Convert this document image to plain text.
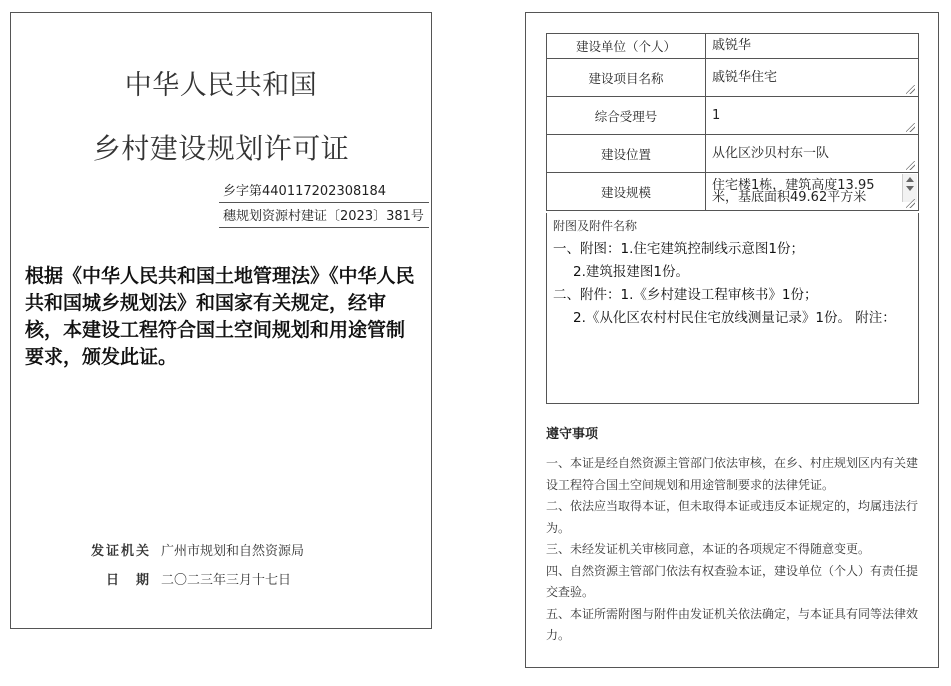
中华人民共和国
乡村建设规划许可证
乡字第440117202308184
穗规划资源村建证〔2023〕381号

根据《中华人民共和国土地管理法》《中华人民共和国城乡规划法》和国家有关规定，经审核，本建设工程符合国土空间规划和用途管制要求，颁发此证。

发证机关 广州市规划和自然资源局
日　期 二〇二三年三月十七日
建设单位（个人）	戚锐华

建设项目名称	戚锐华住宅

综合受理号	1

建设位置	从化区沙贝村东一队

建设规模	住宅楼1栋，建筑高度13.95
米，基底面积49.62平方米
附图及附件名称
一、附图：1.住宅建筑控制线示意图1份；
2.建筑报建图1份。
二、附件：1.《乡村建设工程审核书》1份；
2.《从化区农村村民住宅放线测量记录》1份。 附注：
遵守事项

一、本证是经自然资源主管部门依法审核，在乡、村庄规划区内有关建设工程符合国土空间规划和用途管制要求的法律凭证。

二、依法应当取得本证，但未取得本证或违反本证规定的，均属违法行为。

三、未经发证机关审核同意，本证的各项规定不得随意变更。

四、自然资源主管部门依法有权查验本证，建设单位（个人）有责任提交查验。

五、本证所需附图与附件由发证机关依法确定，与本证具有同等法律效力。
